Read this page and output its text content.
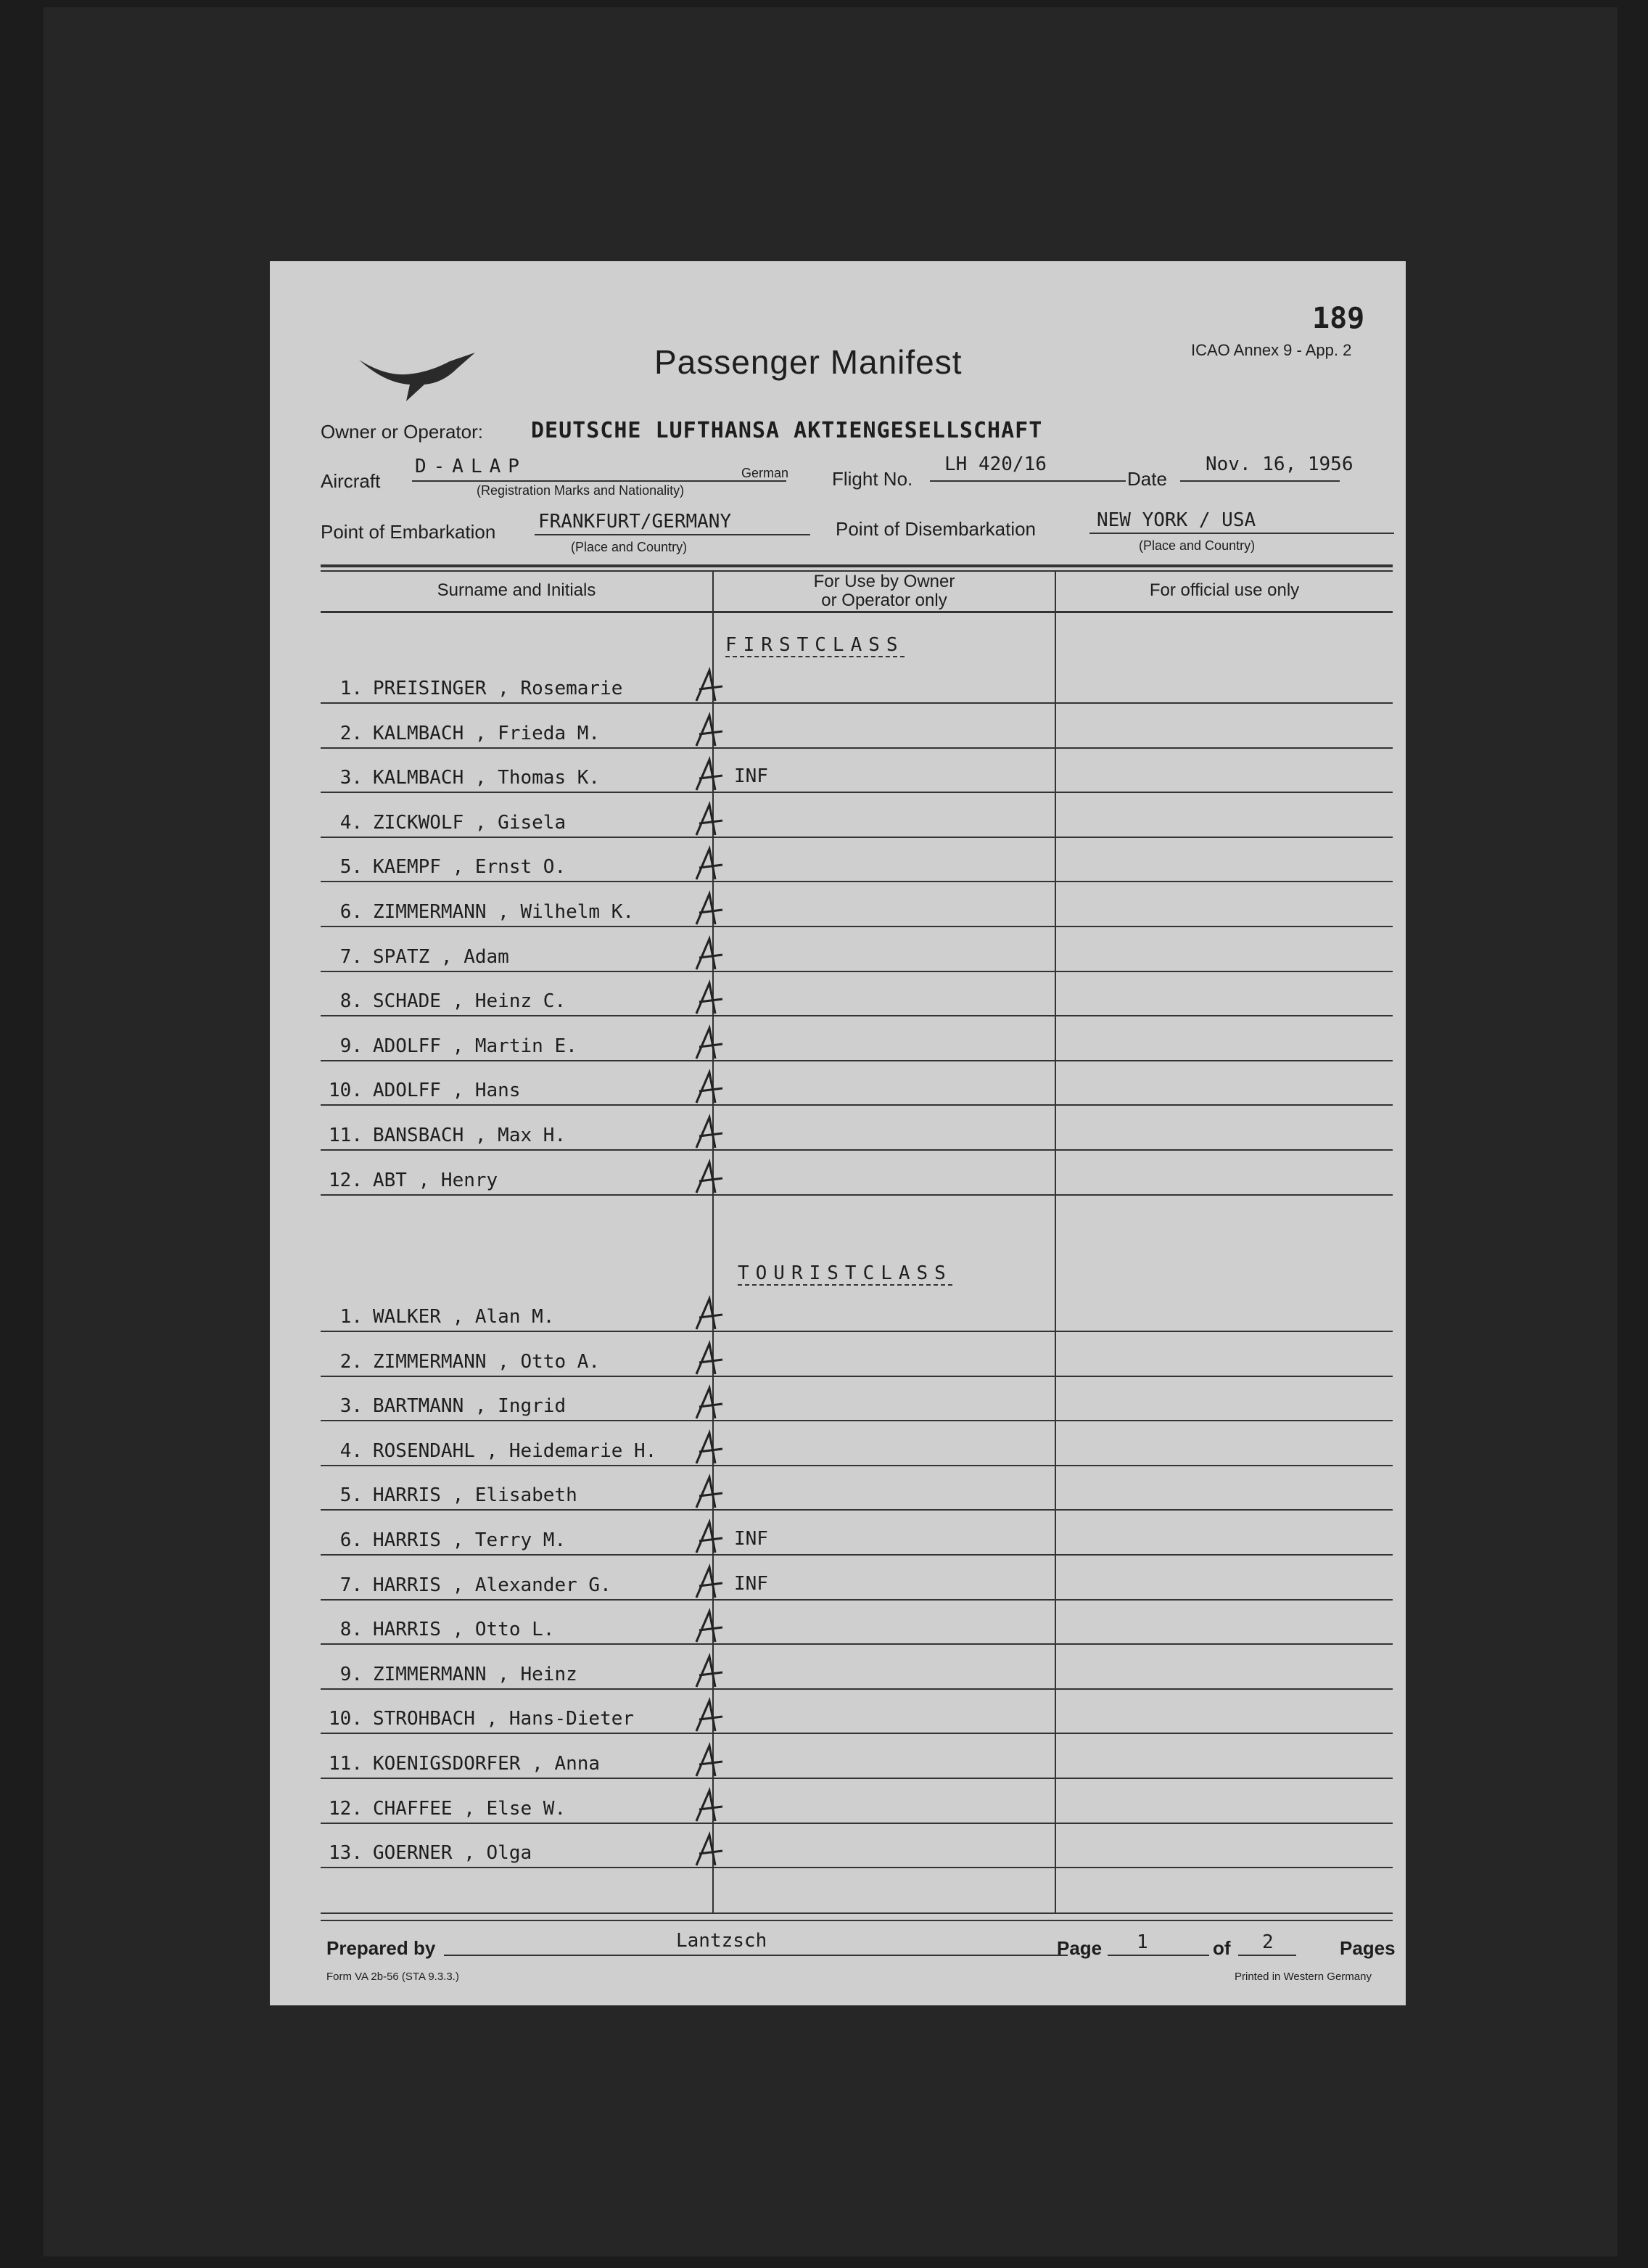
189
ICAO Annex 9 - App. 2
Passenger Manifest
Owner or Operator: DEUTSCHE LUFTHANSA AKTIENGESELLSCHAFT
Aircraft
D-ALAP	German
(Registration Marks and Nationality)
Flight No.
LH 420/16
Date
Nov. 16, 1956
Point of Embarkation FRANKFURT/GERMANY
(Place and Country)
Point of Disembarkation	NEW YORK / USA
(Place and Country)
Surname and Initials	For Use by Owner
or Operator only
For official use only
FIRSTCLASS
TOURISTCLASS
Prepared by	Lantzsch	Page 1	of 2	Pages
Form VA 2b-56 (STA 9.3.3.)	Printed in Western Germany
1. PREISINGER , Rosemarie
2. KALMBACH , Frieda M.
3. KALMBACH , Thomas K.	INF
4. ZICKWOLF , Gisela
5. KAEMPF , Ernst O.
6. ZIMMERMANN , Wilhelm K.
7. SPATZ , Adam
8. SCHADE , Heinz C.
9. ADOLFF , Martin E.
10. ADOLFF , Hans
11. BANSBACH , Max H.
12. ABT , Henry
1. WALKER , Alan M.
2. ZIMMERMANN , Otto A.
3. BARTMANN , Ingrid
4. ROSENDAHL , Heidemarie H.
5. HARRIS , Elisabeth
6. HARRIS , Terry M.	INF
7. HARRIS , Alexander G.	INF
8. HARRIS , Otto L.
9. ZIMMERMANN , Heinz
10. STROHBACH , Hans-Dieter
11. KOENIGSDORFER , Anna
12. CHAFFEE , Else W.
13. GOERNER , Olga
